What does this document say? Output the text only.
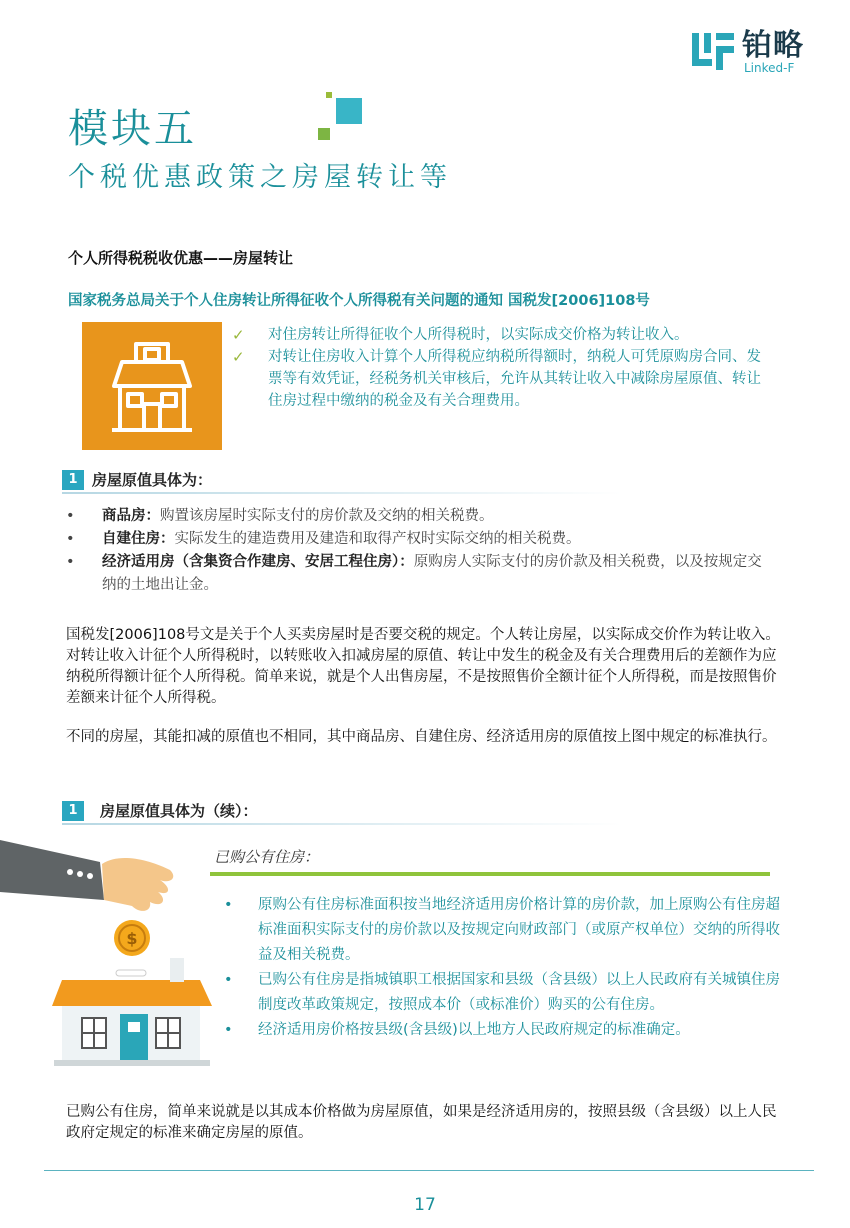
铂略
Linked-F
模块五
个税优惠政策之房屋转让等
个人所得税税收优惠——房屋转让
国家税务总局关于个人住房转让所得征收个人所得税有关问题的通知 国税发[2006]108号
✓ 对住房转让所得征收个人所得税时，以实际成交价格为转让收入。
✓ 对转让住房收入计算个人所得税应纳税所得额时，纳税人可凭原购房合同、发票等有效凭证，经税务机关审核后，允许从其转让收入中减除房屋原值、转让住房过程中缴纳的税金及有关合理费用。
1 房屋原值具体为：
• 商品房：购置该房屋时实际支付的房价款及交纳的相关税费。
• 自建住房：实际发生的建造费用及建造和取得产权时实际交纳的相关税费。
• 经济适用房（含集资合作建房、安居工程住房）：原购房人实际支付的房价款及相关税费，以及按规定交纳的土地出让金。

国税发[2006]108号文是关于个人买卖房屋时是否要交税的规定。个人转让房屋，以实际成交价作为转让收入。对转让收入计征个人所得税时，以转账收入扣减房屋的原值、转让中发生的税金及有关合理费用后的差额作为应纳税所得额计征个人所得税。简单来说，就是个人出售房屋，不是按照售价全额计征个人所得税，而是按照售价差额来计征个人所得税。

不同的房屋，其能扣减的原值也不相同，其中商品房、自建住房、经济适用房的原值按上图中规定的标准执行。

1	房屋原值具体为（续）：
$
已购公有住房：
• 原购公有住房标准面积按当地经济适用房价格计算的房价款，加上原购公有住房超标准面积实际支付的房价款以及按规定向财政部门（或原产权单位）交纳的所得收益及相关税费。
• 已购公有住房是指城镇职工根据国家和县级（含县级）以上人民政府有关城镇住房制度改革政策规定，按照成本价（或标准价）购买的公有住房。
• 经济适用房价格按县级(含县级)以上地方人民政府规定的标准确定。

已购公有住房，简单来说就是以其成本价格做为房屋原值，如果是经济适用房的，按照县级（含县级）以上人民政府定规定的标准来确定房屋的原值。

17
